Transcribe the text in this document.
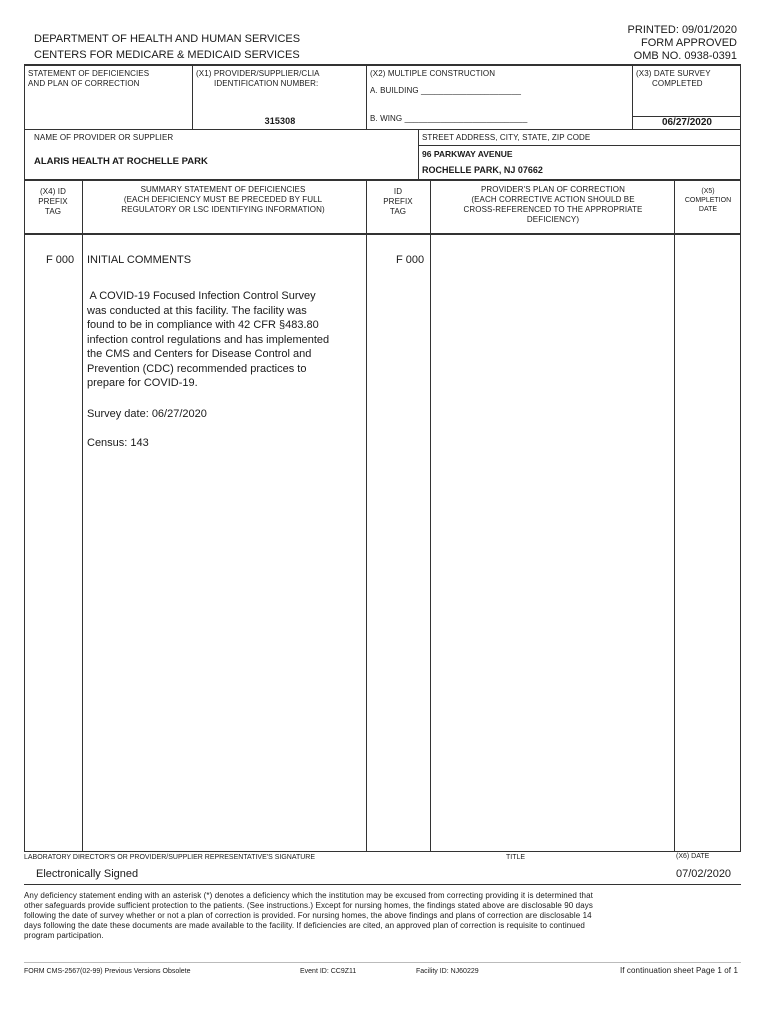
DEPARTMENT OF HEALTH AND HUMAN SERVICES
CENTERS FOR MEDICARE & MEDICAID SERVICES
PRINTED: 09/01/2020
FORM APPROVED
OMB NO. 0938-0391
STATEMENT OF DEFICIENCIES
AND PLAN OF CORRECTION
(X1) PROVIDER/SUPPLIER/CLIA
IDENTIFICATION NUMBER:
315308
(X2) MULTIPLE CONSTRUCTION
A. BUILDING ______________________
B. WING ___________________________
(X3) DATE SURVEY
COMPLETED
06/27/2020
NAME OF PROVIDER OR SUPPLIER
ALARIS HEALTH AT ROCHELLE PARK
STREET ADDRESS, CITY, STATE, ZIP CODE
96 PARKWAY AVENUE
ROCHELLE PARK, NJ 07662
(X4) ID
PREFIX
TAG
SUMMARY STATEMENT OF DEFICIENCIES
(EACH DEFICIENCY MUST BE PRECEDED BY FULL
REGULATORY OR LSC IDENTIFYING INFORMATION)
ID
PREFIX
TAG
PROVIDER'S PLAN OF CORRECTION
(EACH CORRECTIVE ACTION SHOULD BE
CROSS-REFERENCED TO THE APPROPRIATE
DEFICIENCY)
(X5)
COMPLETION
DATE
F 000 INITIAL COMMENTS	F 000
A COVID-19 Focused Infection Control Survey
was conducted at this facility. The facility was
found to be in compliance with 42 CFR §483.80
infection control regulations and has implemented
the CMS and Centers for Disease Control and
Prevention (CDC) recommended practices to
prepare for COVID-19.
Survey date: 06/27/2020
Census: 143
LABORATORY DIRECTOR'S OR PROVIDER/SUPPLIER REPRESENTATIVE'S SIGNATURE	TITLE	(X6) DATE
Electronically Signed	07/02/2020
Any deficiency statement ending with an asterisk (*) denotes a deficiency which the institution may be excused from correcting providing it is determined that
other safeguards provide sufficient protection to the patients. (See instructions.) Except for nursing homes, the findings stated above are disclosable 90 days
following the date of survey whether or not a plan of correction is provided. For nursing homes, the above findings and plans of correction are disclosable 14
days following the date these documents are made available to the facility. If deficiencies are cited, an approved plan of correction is requisite to continued
program participation.
FORM CMS-2567(02-99) Previous Versions Obsolete	Event ID: CC9Z11	Facility ID: NJ60229	If continuation sheet Page 1 of 1
